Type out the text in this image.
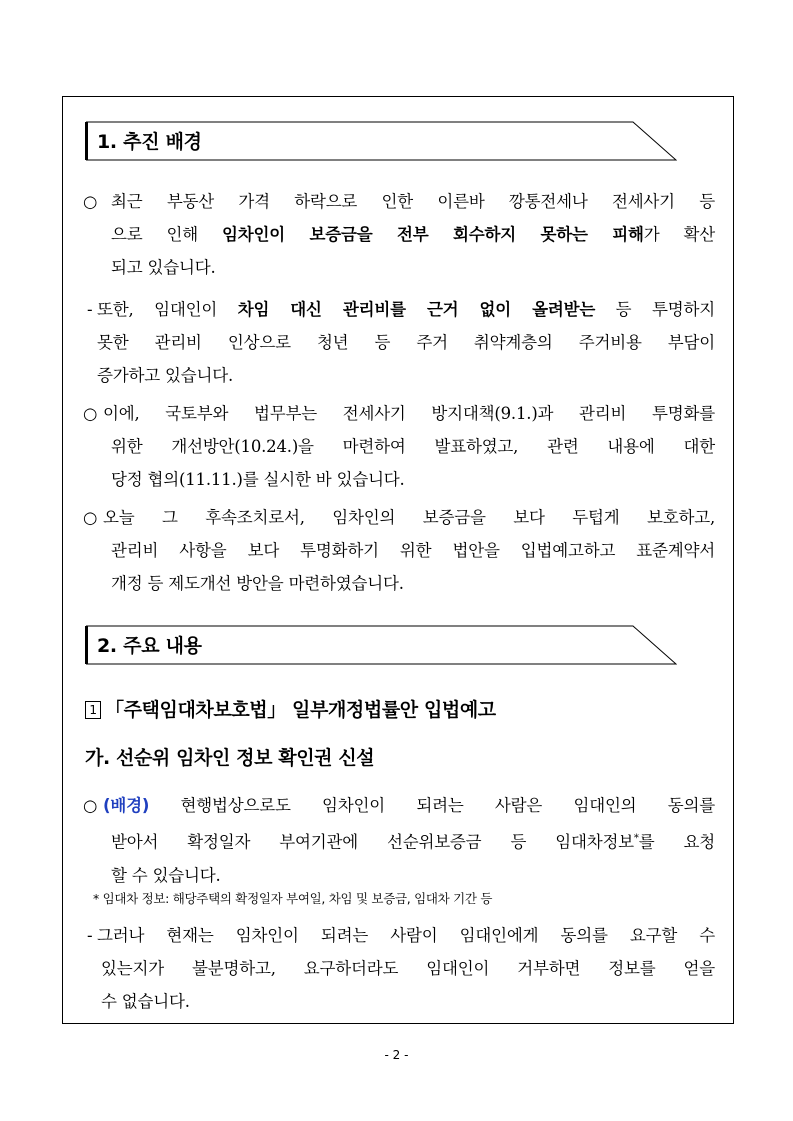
1. 추진 배경
○ 최근 부동산 가격 하락으로 인한 이른바 깡통전세나 전세사기 등
으로 인해 임차인이 보증금을 전부 회수하지 못하는 피해가 확산
되고 있습니다.
- 또한, 임대인이 차임 대신 관리비를 근거 없이 올려받는 등 투명하지
못한 관리비 인상으로 청년 등 주거 취약계층의 주거비용 부담이
증가하고 있습니다.
○ 이에, 국토부와 법무부는 전세사기 방지대책(9.1.)과 관리비 투명화를
위한 개선방안(10.24.)을 마련하여 발표하였고, 관련 내용에 대한
당정 협의(11.11.)를 실시한 바 있습니다.
○ 오늘 그 후속조치로서, 임차인의 보증금을 보다 두텁게 보호하고,
관리비 사항을 보다 투명화하기 위한 법안을 입법예고하고 표준계약서
개정 등 제도개선 방안을 마련하였습니다.
2. 주요 내용
1 「주택임대차보호법」 일부개정법률안 입법예고
가. 선순위 임차인 정보 확인권 신설
○ (배경) 현행법상으로도 임차인이 되려는 사람은 임대인의 동의를
받아서 확정일자 부여기관에 선순위보증금 등 임대차정보*를 요청
할 수 있습니다.
* 임대차 정보: 해당주택의 확정일자 부여일, 차임 및 보증금, 임대차 기간 등
- 그러나 현재는 임차인이 되려는 사람이 임대인에게 동의를 요구할 수
있는지가 불분명하고, 요구하더라도 임대인이 거부하면 정보를 얻을
수 없습니다.
- 2 -
